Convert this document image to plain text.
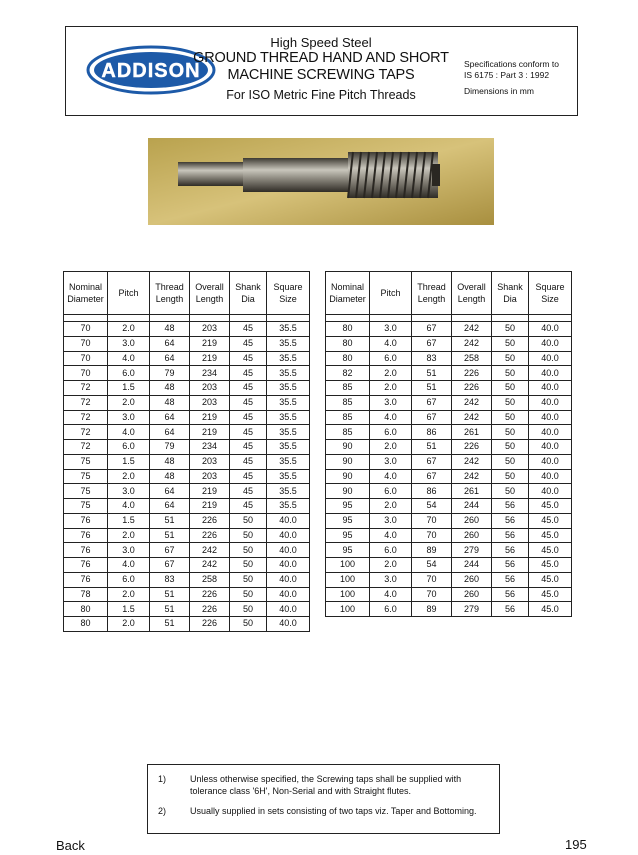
ADDISON
High Speed Steel
GROUND THREAD HAND AND SHORT
MACHINE SCREWING TAPS
For ISO Metric Fine Pitch Threads
Specifications conform to
IS 6175 : Part 3 : 1992
Dimensions in mm
Nominal Diameter	Pitch	Thread Length	Overall Length	Shank Dia	Square Size

70	2.0	48	203	45	35.5
70	3.0	64	219	45	35.5
70	4.0	64	219	45	35.5
70	6.0	79	234	45	35.5
72	1.5	48	203	45	35.5
72	2.0	48	203	45	35.5
72	3.0	64	219	45	35.5
72	4.0	64	219	45	35.5
72	6.0	79	234	45	35.5
75	1.5	48	203	45	35.5
75	2.0	48	203	45	35.5
75	3.0	64	219	45	35.5
75	4.0	64	219	45	35.5
76	1.5	51	226	50	40.0
76	2.0	51	226	50	40.0
76	3.0	67	242	50	40.0
76	4.0	67	242	50	40.0
76	6.0	83	258	50	40.0
78	2.0	51	226	50	40.0
80	1.5	51	226	50	40.0
80	2.0	51	226	50	40.0
Nominal Diameter	Pitch	Thread Length	Overall Length	Shank Dia	Square Size

80	3.0	67	242	50	40.0
80	4.0	67	242	50	40.0
80	6.0	83	258	50	40.0
82	2.0	51	226	50	40.0
85	2.0	51	226	50	40.0
85	3.0	67	242	50	40.0
85	4.0	67	242	50	40.0
85	6.0	86	261	50	40.0
90	2.0	51	226	50	40.0
90	3.0	67	242	50	40.0
90	4.0	67	242	50	40.0
90	6.0	86	261	50	40.0
95	2.0	54	244	56	45.0
95	3.0	70	260	56	45.0
95	4.0	70	260	56	45.0
95	6.0	89	279	56	45.0
100	2.0	54	244	56	45.0
100	3.0	70	260	56	45.0
100	4.0	70	260	56	45.0
100	6.0	89	279	56	45.0
1)	Unless otherwise specified, the Screwing taps shall be supplied with tolerance class '6H', Non-Serial and with Straight flutes.
2)	Usually supplied in sets consisting of two taps viz. Taper and Bottoming.
Back	195
